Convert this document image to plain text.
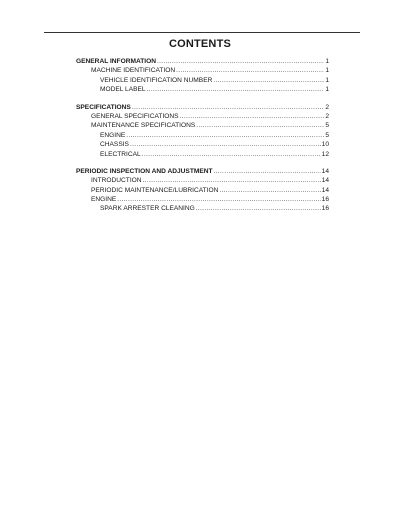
CONTENTS
GENERAL INFORMATION .....	1
MACHINE IDENTIFICATION .....	1
VEHICLE IDENTIFICATION NUMBER .....	1
MODEL LABEL .....	1
SPECIFICATIONS .....	2
GENERAL SPECIFICATIONS .....	2
MAINTENANCE SPECIFICATIONS .....	5
ENGINE .....	5
CHASSIS .....	10
ELECTRICAL .....	12
PERIODIC INSPECTION AND ADJUSTMENT .....	14
INTRODUCTION .....	14
PERIODIC MAINTENANCE/LUBRICATION .....	14
ENGINE .....	16
SPARK ARRESTER CLEANING .....	16
